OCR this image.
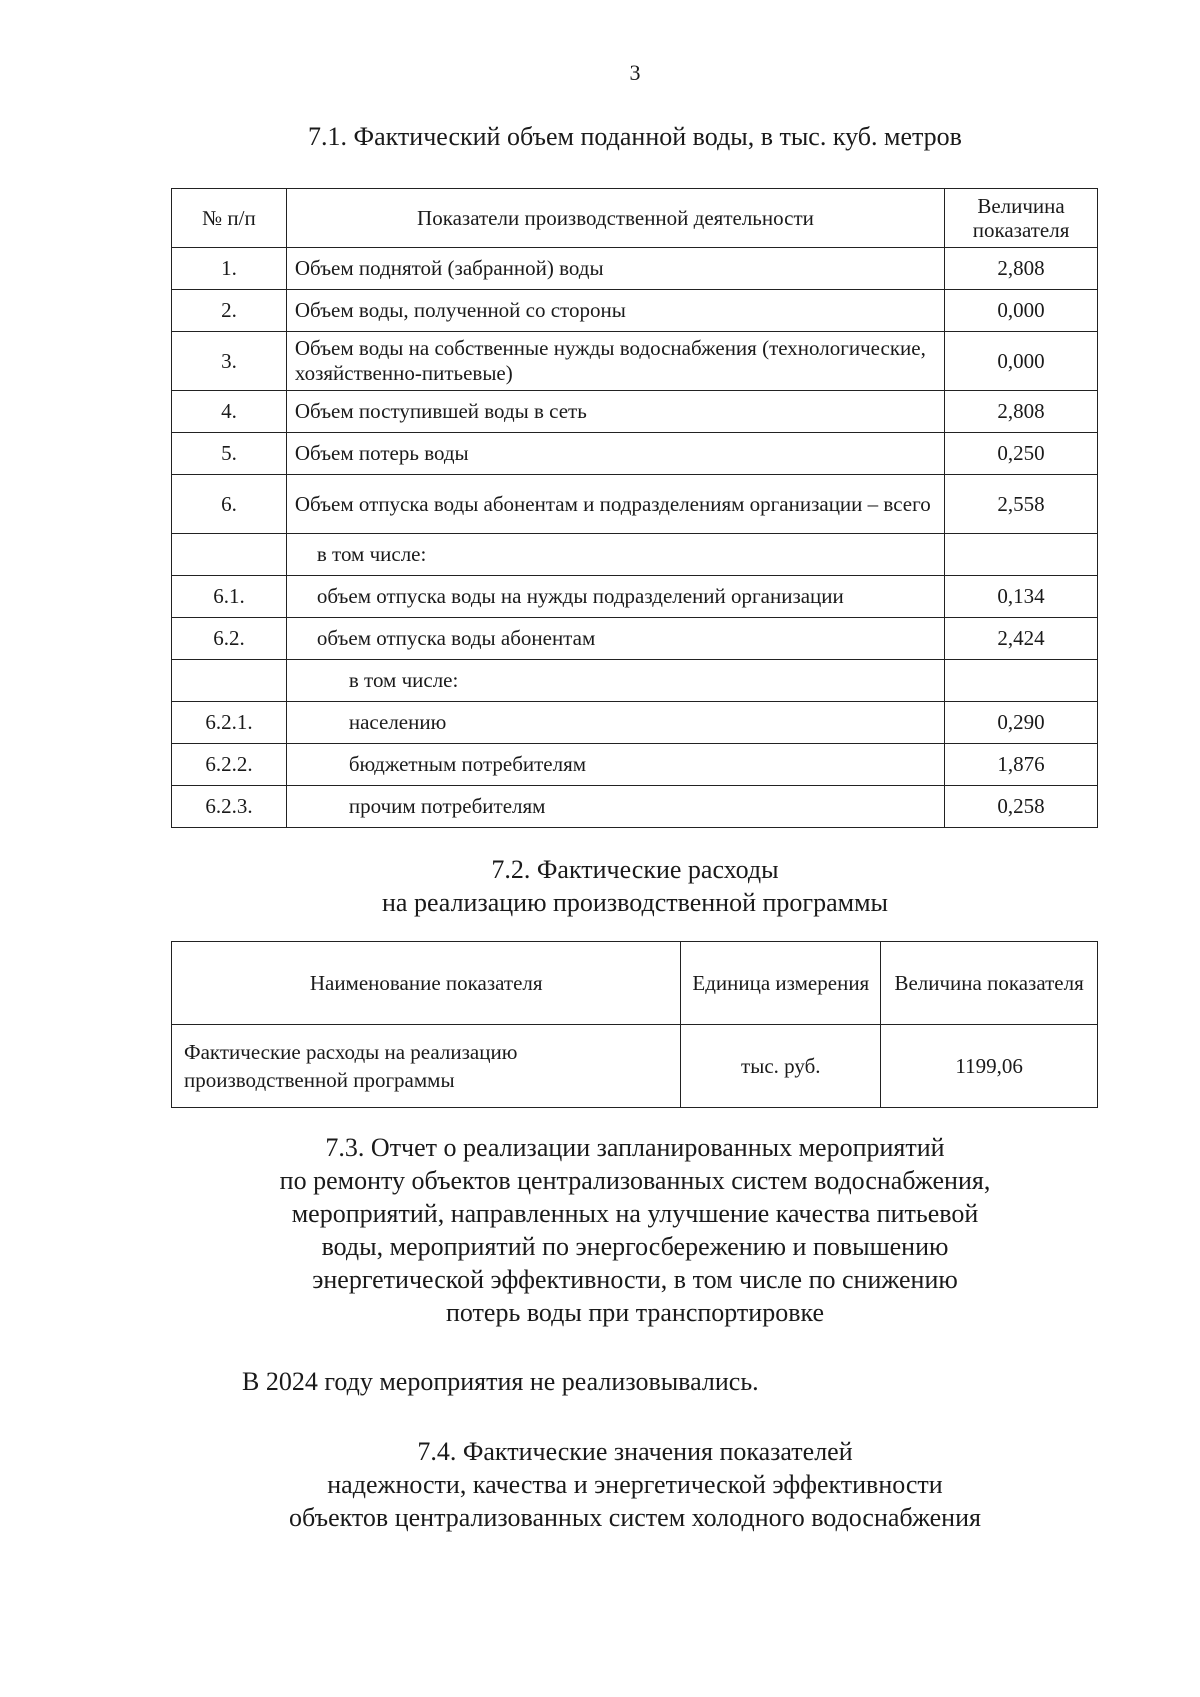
3
7.1. Фактический объем поданной воды, в тыс. куб. метров
№ п/п	Показатели производственной деятельности	Величина показателя
1.	Объем поднятой (забранной) воды	2,808
2.	Объем воды, полученной со стороны	0,000
3.	Объем воды на собственные нужды водоснабжения (технологические, хозяйственно-питьевые)	0,000
4.	Объем поступившей воды в сеть	2,808
5.	Объем потерь воды	0,250
6.	Объем отпуска воды абонентам и подразделениям организации – всего	2,558
	в том числе:	
6.1.	объем отпуска воды на нужды подразделений организации	0,134
6.2.	объем отпуска воды абонентам	2,424
	в том числе:	
6.2.1.	населению	0,290
6.2.2.	бюджетным потребителям	1,876
6.2.3.	прочим потребителям	0,258
7.2. Фактические расходы
на реализацию производственной программы
Наименование показателя	Единица измерения	Величина показателя
Фактические расходы на реализацию производственной программы	тыс. руб.	1199,06
7.3. Отчет о реализации запланированных мероприятий
по ремонту объектов централизованных систем водоснабжения,
мероприятий, направленных на улучшение качества питьевой
воды, мероприятий по энергосбережению и повышению
энергетической эффективности, в том числе по снижению
потерь воды при транспортировке
В 2024 году мероприятия не реализовывались.
7.4. Фактические значения показателей
надежности, качества и энергетической эффективности
объектов централизованных систем холодного водоснабжения
